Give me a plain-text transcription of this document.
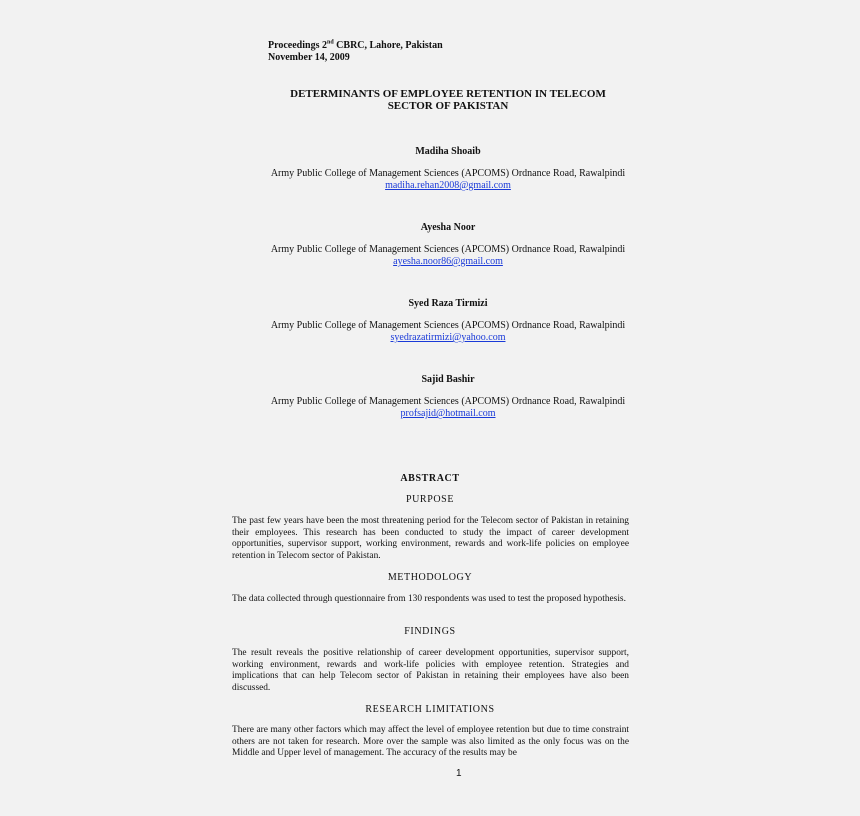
Proceedings 2nd CBRC, Lahore, Pakistan
November 14, 2009
DETERMINANTS OF EMPLOYEE RETENTION IN TELECOM
SECTOR OF PAKISTAN
Madiha Shoaib
Army Public College of Management Sciences (APCOMS) Ordnance Road, Rawalpindi
madiha.rehan2008@gmail.com
Ayesha Noor
Army Public College of Management Sciences (APCOMS) Ordnance Road, Rawalpindi
ayesha.noor86@gmail.com
Syed Raza Tirmizi
Army Public College of Management Sciences (APCOMS) Ordnance Road, Rawalpindi
syedrazatirmizi@yahoo.com
Sajid Bashir
Army Public College of Management Sciences (APCOMS) Ordnance Road, Rawalpindi
profsajid@hotmail.com
ABSTRACT
PURPOSE
The past few years have been the most threatening period for the Telecom sector of Pakistan in retaining their employees. This research has been conducted to study the impact of career development opportunities, supervisor support, working environment, rewards and work-life policies on employee retention in Telecom sector of Pakistan.
METHODOLOGY
The data collected through questionnaire from 130 respondents was used to test the proposed hypothesis.
FINDINGS
The result reveals the positive relationship of career development opportunities, supervisor support, working environment, rewards and work-life policies with employee retention. Strategies and implications that can help Telecom sector of Pakistan in retaining their employees have also been discussed.
RESEARCH LIMITATIONS
There are many other factors which may affect the level of employee retention but due to time constraint others are not taken for research. More over the sample was also limited as the only focus was on the Middle and Upper level of management. The accuracy of the results may be
1
